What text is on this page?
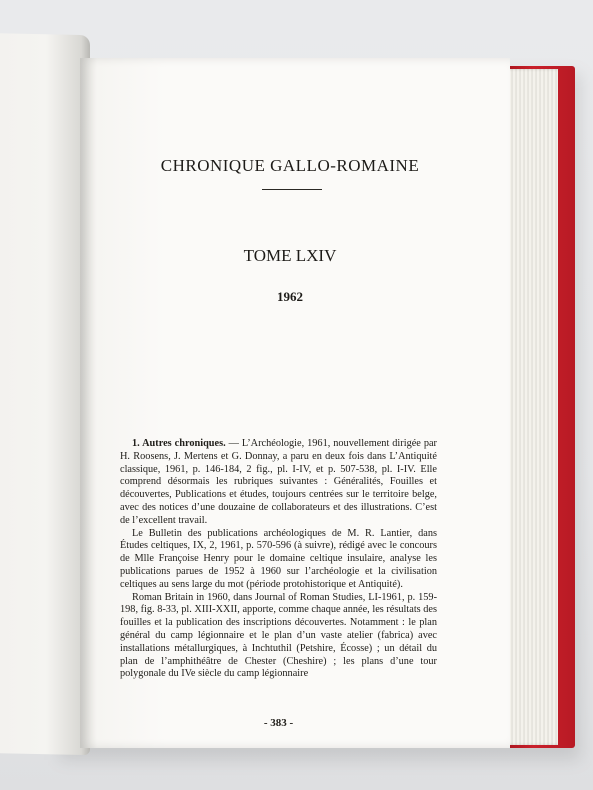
CHRONIQUE GALLO-ROMAINE
TOME LXIV
1962

1. Autres chroniques. — L’Archéologie, 1961, nouvellement dirigée par H. Roosens, J. Mertens et G. Donnay, a paru en deux fois dans L’Antiquité classique, 1961, p. 146-184, 2 fig., pl. I-IV, et p. 507-538, pl. I-IV. Elle comprend désormais les rubriques suivantes : Généralités, Fouilles et découvertes, Publications et études, toujours centrées sur le territoire belge, avec des notices d’une douzaine de collaborateurs et des illustrations. C’est de l’excellent travail.

Le Bulletin des publications archéologiques de M. R. Lantier, dans Études celtiques, IX, 2, 1961, p. 570-596 (à suivre), rédigé avec le concours de Mlle Françoise Henry pour le domaine celtique insulaire, analyse les publications parues de 1952 à 1960 sur l’archéologie et la civilisation celtiques au sens large du mot (période protohistorique et Antiquité).

Roman Britain in 1960, dans Journal of Roman Studies, LI-1961, p. 159-198, fig. 8-33, pl. XIII-XXII, apporte, comme chaque année, les résultats des fouilles et la publication des inscriptions découvertes. Notamment : le plan général du camp légionnaire et le plan d’un vaste atelier (fabrica) avec installations métallurgiques, à Inchtuthil (Petshire, Écosse) ; un détail du plan de l’amphithéâtre de Chester (Cheshire) ; les plans d’une tour polygonale du IVe siècle du camp légionnaire

- 383 -
